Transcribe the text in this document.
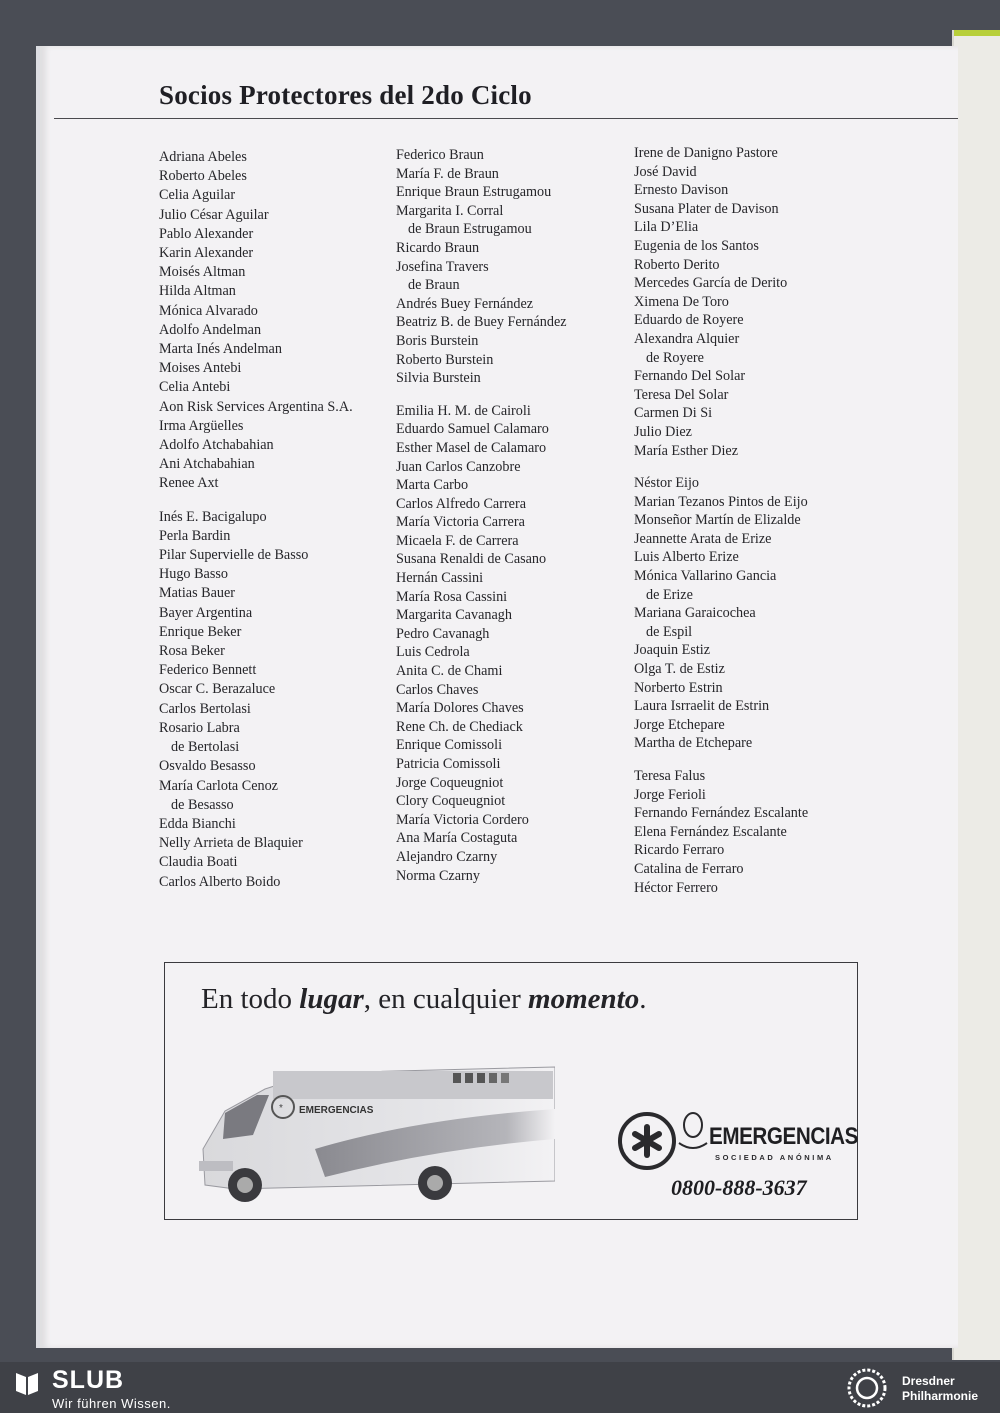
Socios Protectores del 2do Ciclo
Adriana Abeles
Roberto Abeles
Celia Aguilar
Julio César Aguilar
Pablo Alexander
Karin Alexander
Moisés Altman
Hilda Altman
Mónica Alvarado
Adolfo Andelman
Marta Inés Andelman
Moises Antebi
Celia Antebi
Aon Risk Services Argentina S.A.
Irma Argüelles
Adolfo Atchabahian
Ani Atchabahian
Renee Axt
Inés E. Bacigalupo
Perla Bardin
Pilar Supervielle de Basso
Hugo Basso
Matias Bauer
Bayer Argentina
Enrique Beker
Rosa Beker
Federico Bennett
Oscar C. Berazaluce
Carlos Bertolasi
Rosario Labra
de Bertolasi
Osvaldo Besasso
María Carlota Cenoz
de Besasso
Edda Bianchi
Nelly Arrieta de Blaquier
Claudia Boati
Carlos Alberto Boido
Federico Braun
María F. de Braun
Enrique Braun Estrugamou
Margarita I. Corral
de Braun Estrugamou
Ricardo Braun
Josefina Travers
de Braun
Andrés Buey Fernández
Beatriz B. de Buey Fernández
Boris Burstein
Roberto Burstein
Silvia Burstein
Emilia H. M. de Cairoli
Eduardo Samuel Calamaro
Esther Masel de Calamaro
Juan Carlos Canzobre
Marta Carbo
Carlos Alfredo Carrera
María Victoria Carrera
Micaela F. de Carrera
Susana Renaldi de Casano
Hernán Cassini
María Rosa Cassini
Margarita Cavanagh
Pedro Cavanagh
Luis Cedrola
Anita C. de Chami
Carlos Chaves
María Dolores Chaves
Rene Ch. de Chediack
Enrique Comissoli
Patricia Comissoli
Jorge Coqueugniot
Clory Coqueugniot
María Victoria Cordero
Ana María Costaguta
Alejandro Czarny
Norma Czarny
Irene de Danigno Pastore
José David
Ernesto Davison
Susana Plater de Davison
Lila D’Elia
Eugenia de los Santos
Roberto Derito
Mercedes García de Derito
Ximena De Toro
Eduardo de Royere
Alexandra Alquier
de Royere
Fernando Del Solar
Teresa Del Solar
Carmen Di Si
Julio Diez
María Esther Diez
Néstor Eijo
Marian Tezanos Pintos de Eijo
Monseñor Martín de Elizalde
Jeannette Arata de Erize
Luis Alberto Erize
Mónica Vallarino Gancia
de Erize
Mariana Garaicochea
de Espil
Joaquin Estiz
Olga T. de Estiz
Norberto Estrin
Laura Isrraelit de Estrin
Jorge Etchepare
Martha de Etchepare
Teresa Falus
Jorge Ferioli
Fernando Fernández Escalante
Elena Fernández Escalante
Ricardo Ferraro
Catalina de Ferraro
Héctor Ferrero
En todo lugar, en cualquier momento.
* EMERGENCIAS
EMERGENCIAS
SOCIEDAD ANÓNIMA
0800-888-3637
SLUB
Wir führen Wissen.
Dresdner
Philharmonie
